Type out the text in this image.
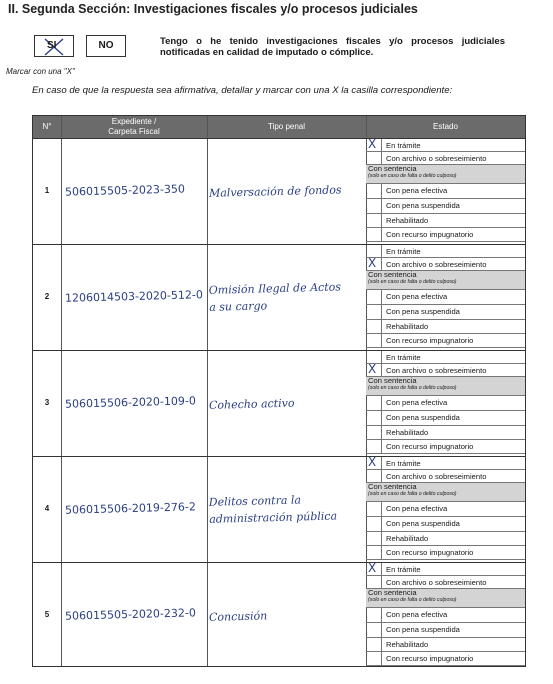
II. Segunda Sección: Investigaciones fiscales y/o procesos judiciales
SI	NO	Tengo o he tenido investigaciones fiscales y/o procesos judiciales notificadas en calidad de imputado o cómplice.
Marcar con una "X"
En caso de que la respuesta sea afirmativa, detallar y marcar con una X la casilla correspondiente:
N°
Expediente /
Carpeta Fiscal
Tipo penal	Estado
1	506015505-2023-350 Malversación de fondos
X En trámite
Con archivo o sobreseimiento
Con sentencia
(solo en caso de falta o delito culposo)
Con pena efectiva
Con pena suspendida
Rehabilitado
Con recurso impugnatorio
2	1206014503-2020-512-0 Omisión Ilegal de Actos
a su cargo
En trámite
X Con archivo o sobreseimiento
Con sentencia
(solo en caso de falta o delito culposo)
Con pena efectiva
Con pena suspendida
Rehabilitado
Con recurso impugnatorio
3	506015506-2020-109-0 Cohecho activo
En trámite
X Con archivo o sobreseimiento
Con sentencia
(solo en caso de falta o delito culposo)
Con pena efectiva
Con pena suspendida
Rehabilitado
Con recurso impugnatorio
4	506015506-2019-276-2 Delitos contra la
administración pública
X En trámite
Con archivo o sobreseimiento
Con sentencia
(solo en caso de falta o delito culposo)
Con pena efectiva
Con pena suspendida
Rehabilitado
Con recurso impugnatorio
5	506015505-2020-232-0 Concusión
X En trámite
Con archivo o sobreseimiento
Con sentencia
(solo en caso de falta o delito culposo)
Con pena efectiva
Con pena suspendida
Rehabilitado
Con recurso impugnatorio
